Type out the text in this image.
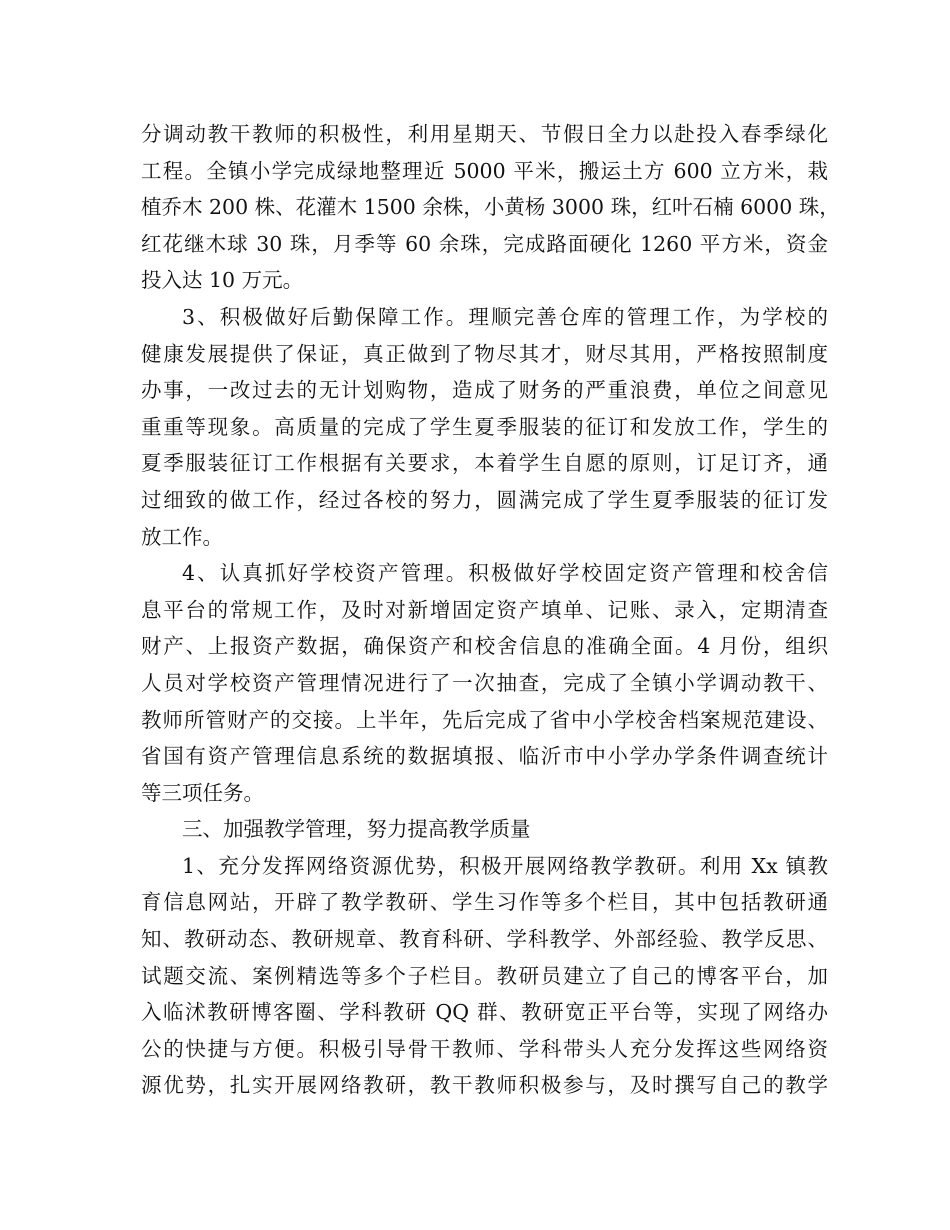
分调动教干教师的积极性，利用星期天、节假日全力以赴投入春季绿化
工程。全镇小学完成绿地整理近 5000 平米，搬运土方 600 立方米，栽
植乔木 200 株、花灌木 1500 余株，小黄杨 3000 珠，红叶石楠 6000 珠，
红花继木球 30 珠，月季等 60 余珠，完成路面硬化 1260 平方米，资金
投入达 10 万元。
3、积极做好后勤保障工作。理顺完善仓库的管理工作，为学校的
健康发展提供了保证，真正做到了物尽其才，财尽其用，严格按照制度
办事，一改过去的无计划购物，造成了财务的严重浪费，单位之间意见
重重等现象。高质量的完成了学生夏季服装的征订和发放工作，学生的
夏季服装征订工作根据有关要求，本着学生自愿的原则，订足订齐，通
过细致的做工作，经过各校的努力，圆满完成了学生夏季服装的征订发
放工作。
4、认真抓好学校资产管理。积极做好学校固定资产管理和校舍信
息平台的常规工作，及时对新增固定资产填单、记账、录入，定期清查
财产、上报资产数据，确保资产和校舍信息的准确全面。4 月份，组织
人员对学校资产管理情况进行了一次抽查，完成了全镇小学调动教干、
教师所管财产的交接。上半年，先后完成了省中小学校舍档案规范建设、
省国有资产管理信息系统的数据填报、临沂市中小学办学条件调查统计
等三项任务。
三、加强教学管理，努力提高教学质量
1、充分发挥网络资源优势，积极开展网络教学教研。利用 Xx 镇教
育信息网站，开辟了教学教研、学生习作等多个栏目，其中包括教研通
知、教研动态、教研规章、教育科研、学科教学、外部经验、教学反思、
试题交流、案例精选等多个子栏目。教研员建立了自己的博客平台，加
入临沭教研博客圈、学科教研 QQ 群、教研宽正平台等，实现了网络办
公的快捷与方便。积极引导骨干教师、学科带头人充分发挥这些网络资
源优势，扎实开展网络教研，教干教师积极参与，及时撰写自己的教学
